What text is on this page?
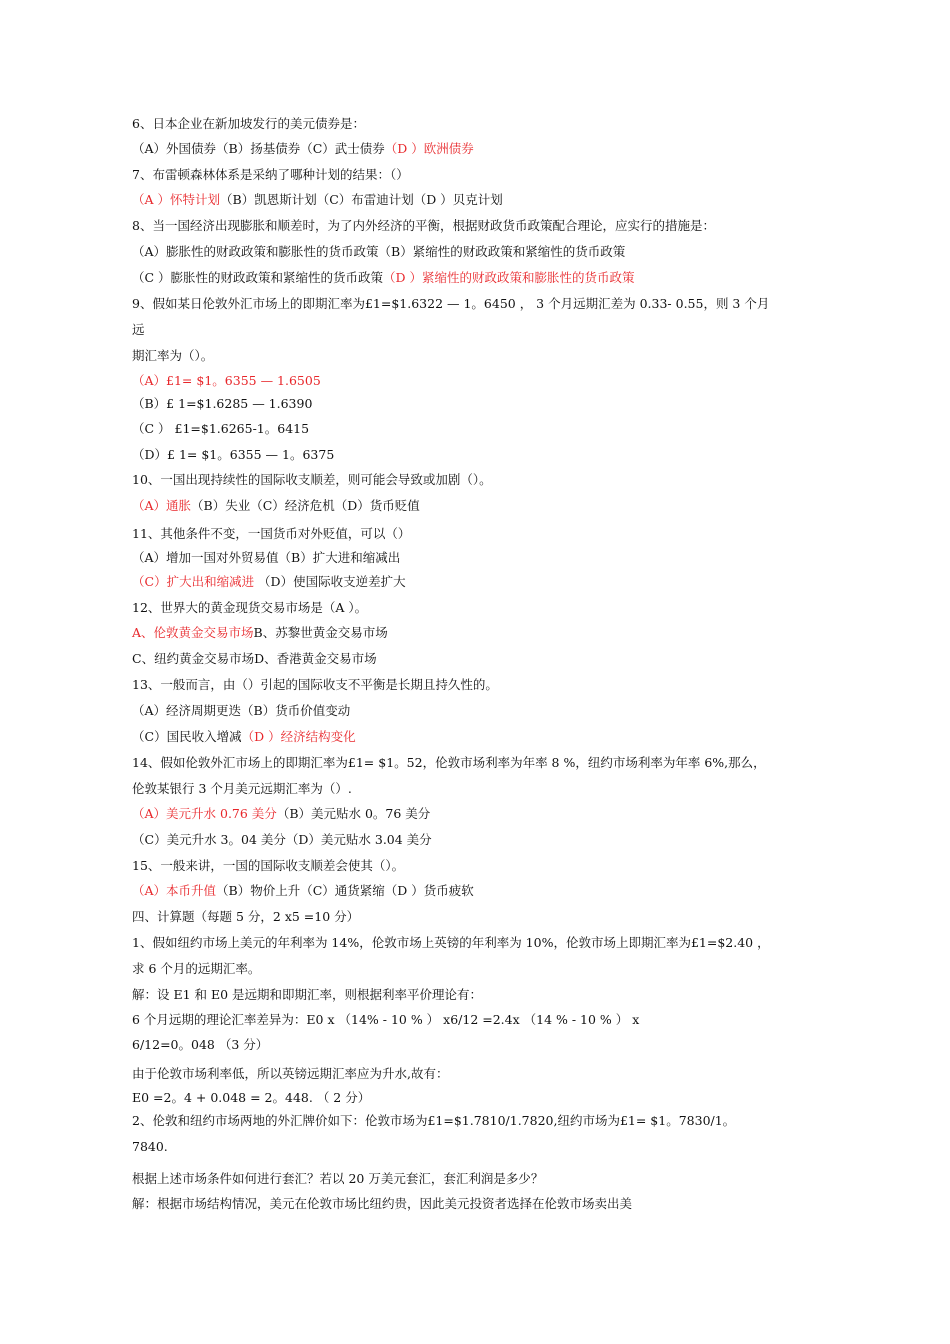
6、日本企业在新加坡发行的美元债券是：
（A）外国债券（B）扬基债券（C）武士债券（D ）欧洲债券
7、布雷顿森林体系是采纳了哪种计划的结果：（）
（A ）怀特计划（B）凯恩斯计划（C）布雷迪计划（D ）贝克计划
8、当一国经济出现膨胀和顺差时，为了内外经济的平衡，根据财政货币政策配合理论，应实行的措施是：
（A）膨胀性的财政政策和膨胀性的货币政策（B）紧缩性的财政政策和紧缩性的货币政策
（C ）膨胀性的财政政策和紧缩性的货币政策（D ）紧缩性的财政政策和膨胀性的货币政策
9、假如某日伦敦外汇市场上的即期汇率为£1=$1.6322 — 1。6450 ， 3 个月远期汇差为 0.33- 0.55，则 3 个月
远
期汇率为（）。
（A）£1= $1。6355 — 1.6505
（B）£ 1=$1.6285 — 1.6390
（C ） £1=$1.6265-1。6415
（D）£ 1= $1。6355 — 1。6375
10、一国出现持续性的国际收支顺差，则可能会导致或加剧（）。
（A）通胀（B）失业（C）经济危机（D）货币贬值
11、其他条件不变，一国货币对外贬值，可以（）
（A）增加一国对外贸易值（B）扩大进和缩减出
（C）扩大出和缩减进 （D）使国际收支逆差扩大
12、世界大的黄金现货交易市场是（A ）。
A、伦敦黄金交易市场B、苏黎世黄金交易市场
C、纽约黄金交易市场D、香港黄金交易市场
13、一般而言，由（）引起的国际收支不平衡是长期且持久性的。
（A）经济周期更迭（B）货币价值变动
（C）国民收入增减（D ）经济结构变化
14、假如伦敦外汇市场上的即期汇率为£1= $1。52，伦敦市场利率为年率 8 %，纽约市场利率为年率 6%,那么，
伦敦某银行 3 个月美元远期汇率为（）.
（A）美元升水 0.76 美分（B）美元贴水 0。76 美分
（C）美元升水 3。04 美分（D）美元贴水 3.04 美分
15、一般来讲，一国的国际收支顺差会使其（）。
（A）本币升值（B）物价上升（C）通货紧缩（D ）货币疲软
四、计算题（每题 5 分，2 x5 =10 分）
1、假如纽约市场上美元的年利率为 14%，伦敦市场上英镑的年利率为 10%，伦敦市场上即期汇率为£1=$2.40 ，
求 6 个月的远期汇率。
解：设 E1 和 E0 是远期和即期汇率，则根据利率平价理论有：
6 个月远期的理论汇率差异为：E0 x （14% - 10 % ） x6/12 =2.4x （14 % - 10 % ） x
6/12=0。048 （3 分）
由于伦敦市场利率低，所以英镑远期汇率应为升水,故有：
E0 =2。4 + 0.048 = 2。448. （ 2 分）
2、伦敦和纽约市场两地的外汇牌价如下：伦敦市场为£1=$1.7810/1.7820,纽约市场为£1= $1。7830/1。
7840.
根据上述市场条件如何进行套汇？若以 20 万美元套汇，套汇利润是多少？
解：根据市场结构情况，美元在伦敦市场比纽约贵，因此美元投资者选择在伦敦市场卖出美
